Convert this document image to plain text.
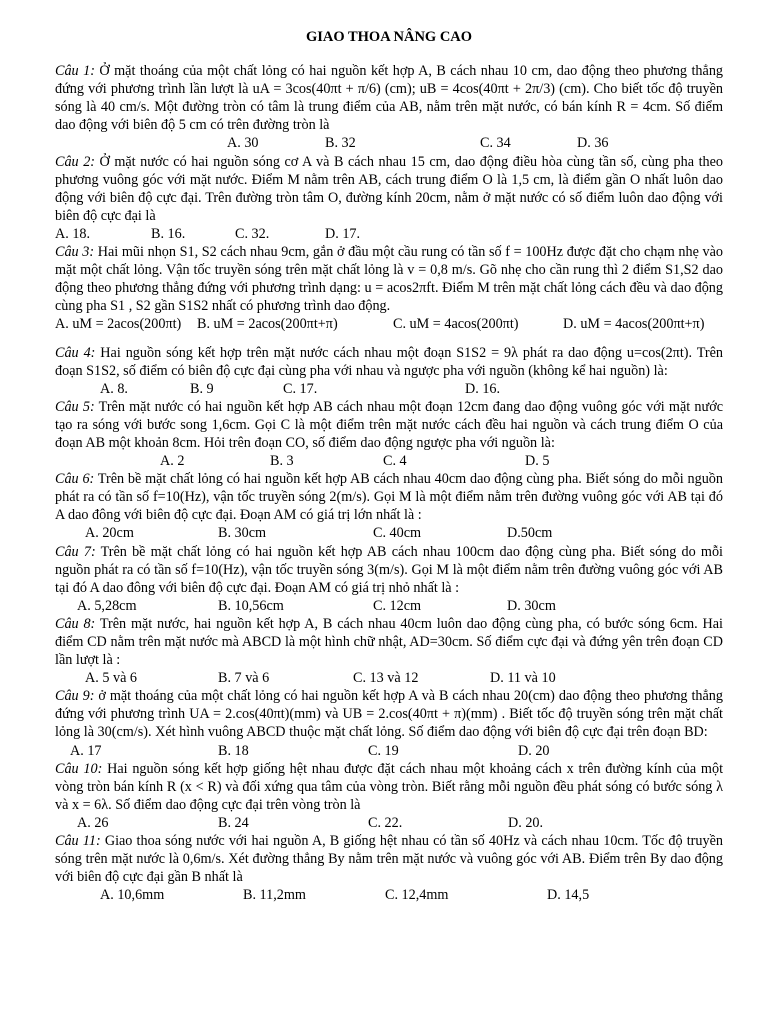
GIAO THOA NÂNG CAO

Câu 1: Ở mặt thoáng của một chất lỏng có hai nguồn kết hợp A, B cách nhau 10 cm, dao động theo phương thẳng đứng với phương trình lần lượt là uA = 3cos(40πt + π/6) (cm); uB = 4cos(40πt + 2π/3) (cm). Cho biết tốc độ truyền sóng là 40 cm/s. Một đường tròn có tâm là trung điểm của AB, nằm trên mặt nước, có bán kính R = 4cm. Số điểm dao động với biên độ 5 cm có trên đường tròn là

A. 30	B. 32	C. 34	D. 36

Câu 2: Ở mặt nước có hai nguồn sóng cơ A và B cách nhau 15 cm, dao động điều hòa cùng tần số, cùng pha theo phương vuông góc với mặt nước. Điểm M nằm trên AB, cách trung điểm O là 1,5 cm, là điểm gần O nhất luôn dao động với biên độ cực đại. Trên đường tròn tâm O, đường kính 20cm, nằm ở mặt nước có số điểm luôn dao động với biên độ cực đại là

A. 18.	B. 16.	C. 32.	D. 17.

Câu 3: Hai mũi nhọn S1, S2 cách nhau 9cm, gắn ở đầu một cầu rung có tần số f = 100Hz được đặt cho chạm nhẹ vào mặt một chất lỏng. Vận tốc truyền sóng trên mặt chất lỏng là v = 0,8 m/s. Gõ nhẹ cho cần rung thì 2 điểm S1,S2 dao động theo phương thẳng đứng với phương trình dạng: u = acos2πft. Điểm M trên mặt chất lỏng cách đều và dao động cùng pha S1 , S2 gần S1S2 nhất có phương trình dao động.

A. uM = 2acos(200πt) B. uM = 2acos(200πt+π)	C. uM = 4acos(200πt)	D. uM = 4acos(200πt+π)

Câu 4: Hai nguồn sóng kết hợp trên mặt nước cách nhau một đoạn S1S2 = 9λ phát ra dao động u=cos(2πt). Trên đoạn S1S2, số điểm có biên độ cực đại cùng pha với nhau và ngược pha với nguồn (không kể hai nguồn) là:

A. 8.	B. 9	C. 17.	D. 16.

Câu 5: Trên mặt nước có hai nguồn kết hợp AB cách nhau một đoạn 12cm đang dao động vuông góc với mặt nước tạo ra sóng với bước song 1,6cm. Gọi C là một điểm trên mặt nước cách đều hai nguồn và cách trung điểm O của đoạn AB một khoản 8cm. Hỏi trên đoạn CO, số điểm dao động ngược pha với nguồn là:

A. 2	B. 3	C. 4	D. 5

Câu 6: Trên bề mặt chất lỏng có hai nguồn kết hợp AB cách nhau 40cm dao động cùng pha. Biết sóng do mỗi nguồn phát ra có tần số f=10(Hz), vận tốc truyền sóng 2(m/s). Gọi M là một điểm nằm trên đường vuông góc với AB tại đó A dao đông với biên độ cực đại. Đoạn AM có giá trị lớn nhất là :

A. 20cm	B. 30cm	C. 40cm	D.50cm

Câu 7: Trên bề mặt chất lỏng có hai nguồn kết hợp AB cách nhau 100cm dao động cùng pha. Biết sóng do mỗi nguồn phát ra có tần số f=10(Hz), vận tốc truyền sóng 3(m/s). Gọi M là một điểm nằm trên đường vuông góc với AB tại đó A dao đông với biên độ cực đại. Đoạn AM có giá trị nhỏ nhất là :

A. 5,28cm	B. 10,56cm	C. 12cm	D. 30cm

Câu 8: Trên mặt nước, hai nguồn kết hợp A, B cách nhau 40cm luôn dao động cùng pha, có bước sóng 6cm. Hai điểm CD nằm trên mặt nước mà ABCD là một hình chữ nhật, AD=30cm. Số điểm cực đại và đứng yên trên đoạn CD lần lượt là :

A. 5 và 6	B. 7 và 6	C. 13 và 12	D. 11 và 10

Câu 9: ở mặt thoáng của một chất lỏng có hai nguồn kết hợp A và B cách nhau 20(cm) dao động theo phương thẳng đứng với phương trình UA = 2.cos(40πt)(mm) và UB = 2.cos(40πt + π)(mm) . Biết tốc độ truyền sóng trên mặt chất lỏng là 30(cm/s). Xét hình vuông ABCD thuộc mặt chất lỏng. Số điểm dao động với biên độ cực đại trên đoạn BD:

A. 17	B. 18	C. 19	D. 20

Câu 10: Hai nguồn sóng kết hợp giống hệt nhau được đặt cách nhau một khoảng cách x trên đường kính của một vòng tròn bán kính R (x < R) và đối xứng qua tâm của vòng tròn. Biết rằng mỗi nguồn đều phát sóng có bước sóng λ và x = 6λ. Số điểm dao động cực đại trên vòng tròn là

A. 26	B. 24	C. 22.	D. 20.

Câu 11: Giao thoa sóng nước với hai nguồn A, B giống hệt nhau có tần số 40Hz và cách nhau 10cm. Tốc độ truyền sóng trên mặt nước là 0,6m/s. Xét đường thẳng By nằm trên mặt nước và vuông góc với AB. Điểm trên By dao động với biên độ cực đại gần B nhất là

A. 10,6mm	B. 11,2mm	C. 12,4mm	D. 14,5
